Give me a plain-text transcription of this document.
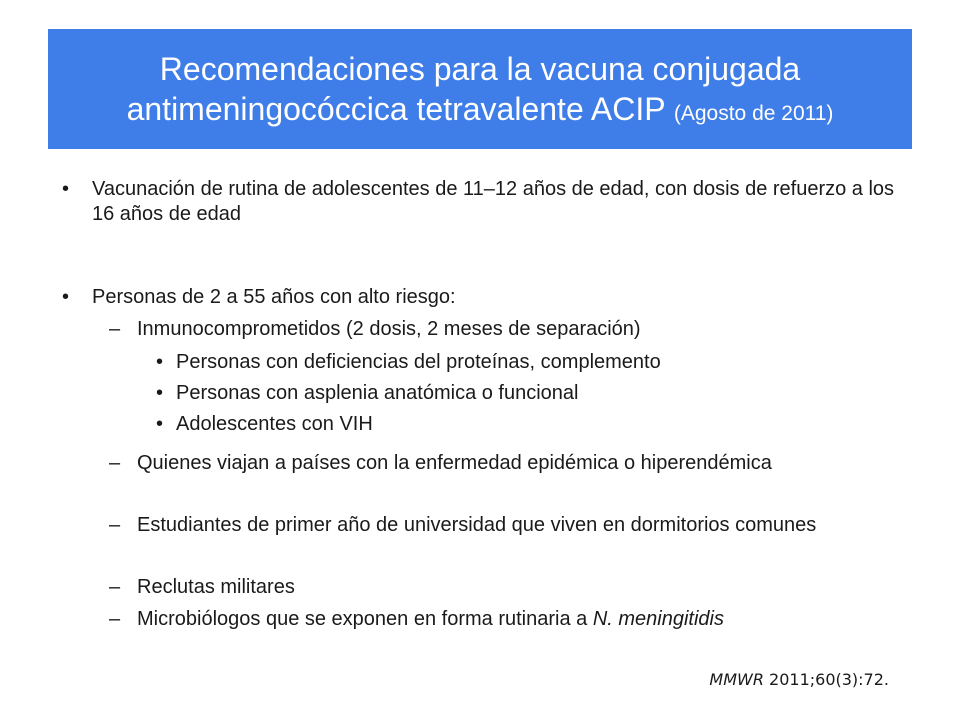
Recomendaciones para la vacuna conjugada
antimeningocóccica tetravalente ACIP (Agosto de 2011)
• Vacunación de rutina de adolescentes de 11–12 años de edad, con dosis de refuerzo a los 16 años de edad
• Personas de 2 a 55 años con alto riesgo:
– Inmunocomprometidos (2 dosis, 2 meses de separación)
• Personas con deficiencias del proteínas, complemento
• Personas con asplenia anatómica o funcional
• Adolescentes con VIH
– Quienes viajan a países con la enfermedad epidémica o hiperendémica
– Estudiantes de primer año de universidad que viven en dormitorios comunes
– Reclutas militares
– Microbiólogos que se exponen en forma rutinaria a N. meningitidis
MMWR 2011;60(3):72.
